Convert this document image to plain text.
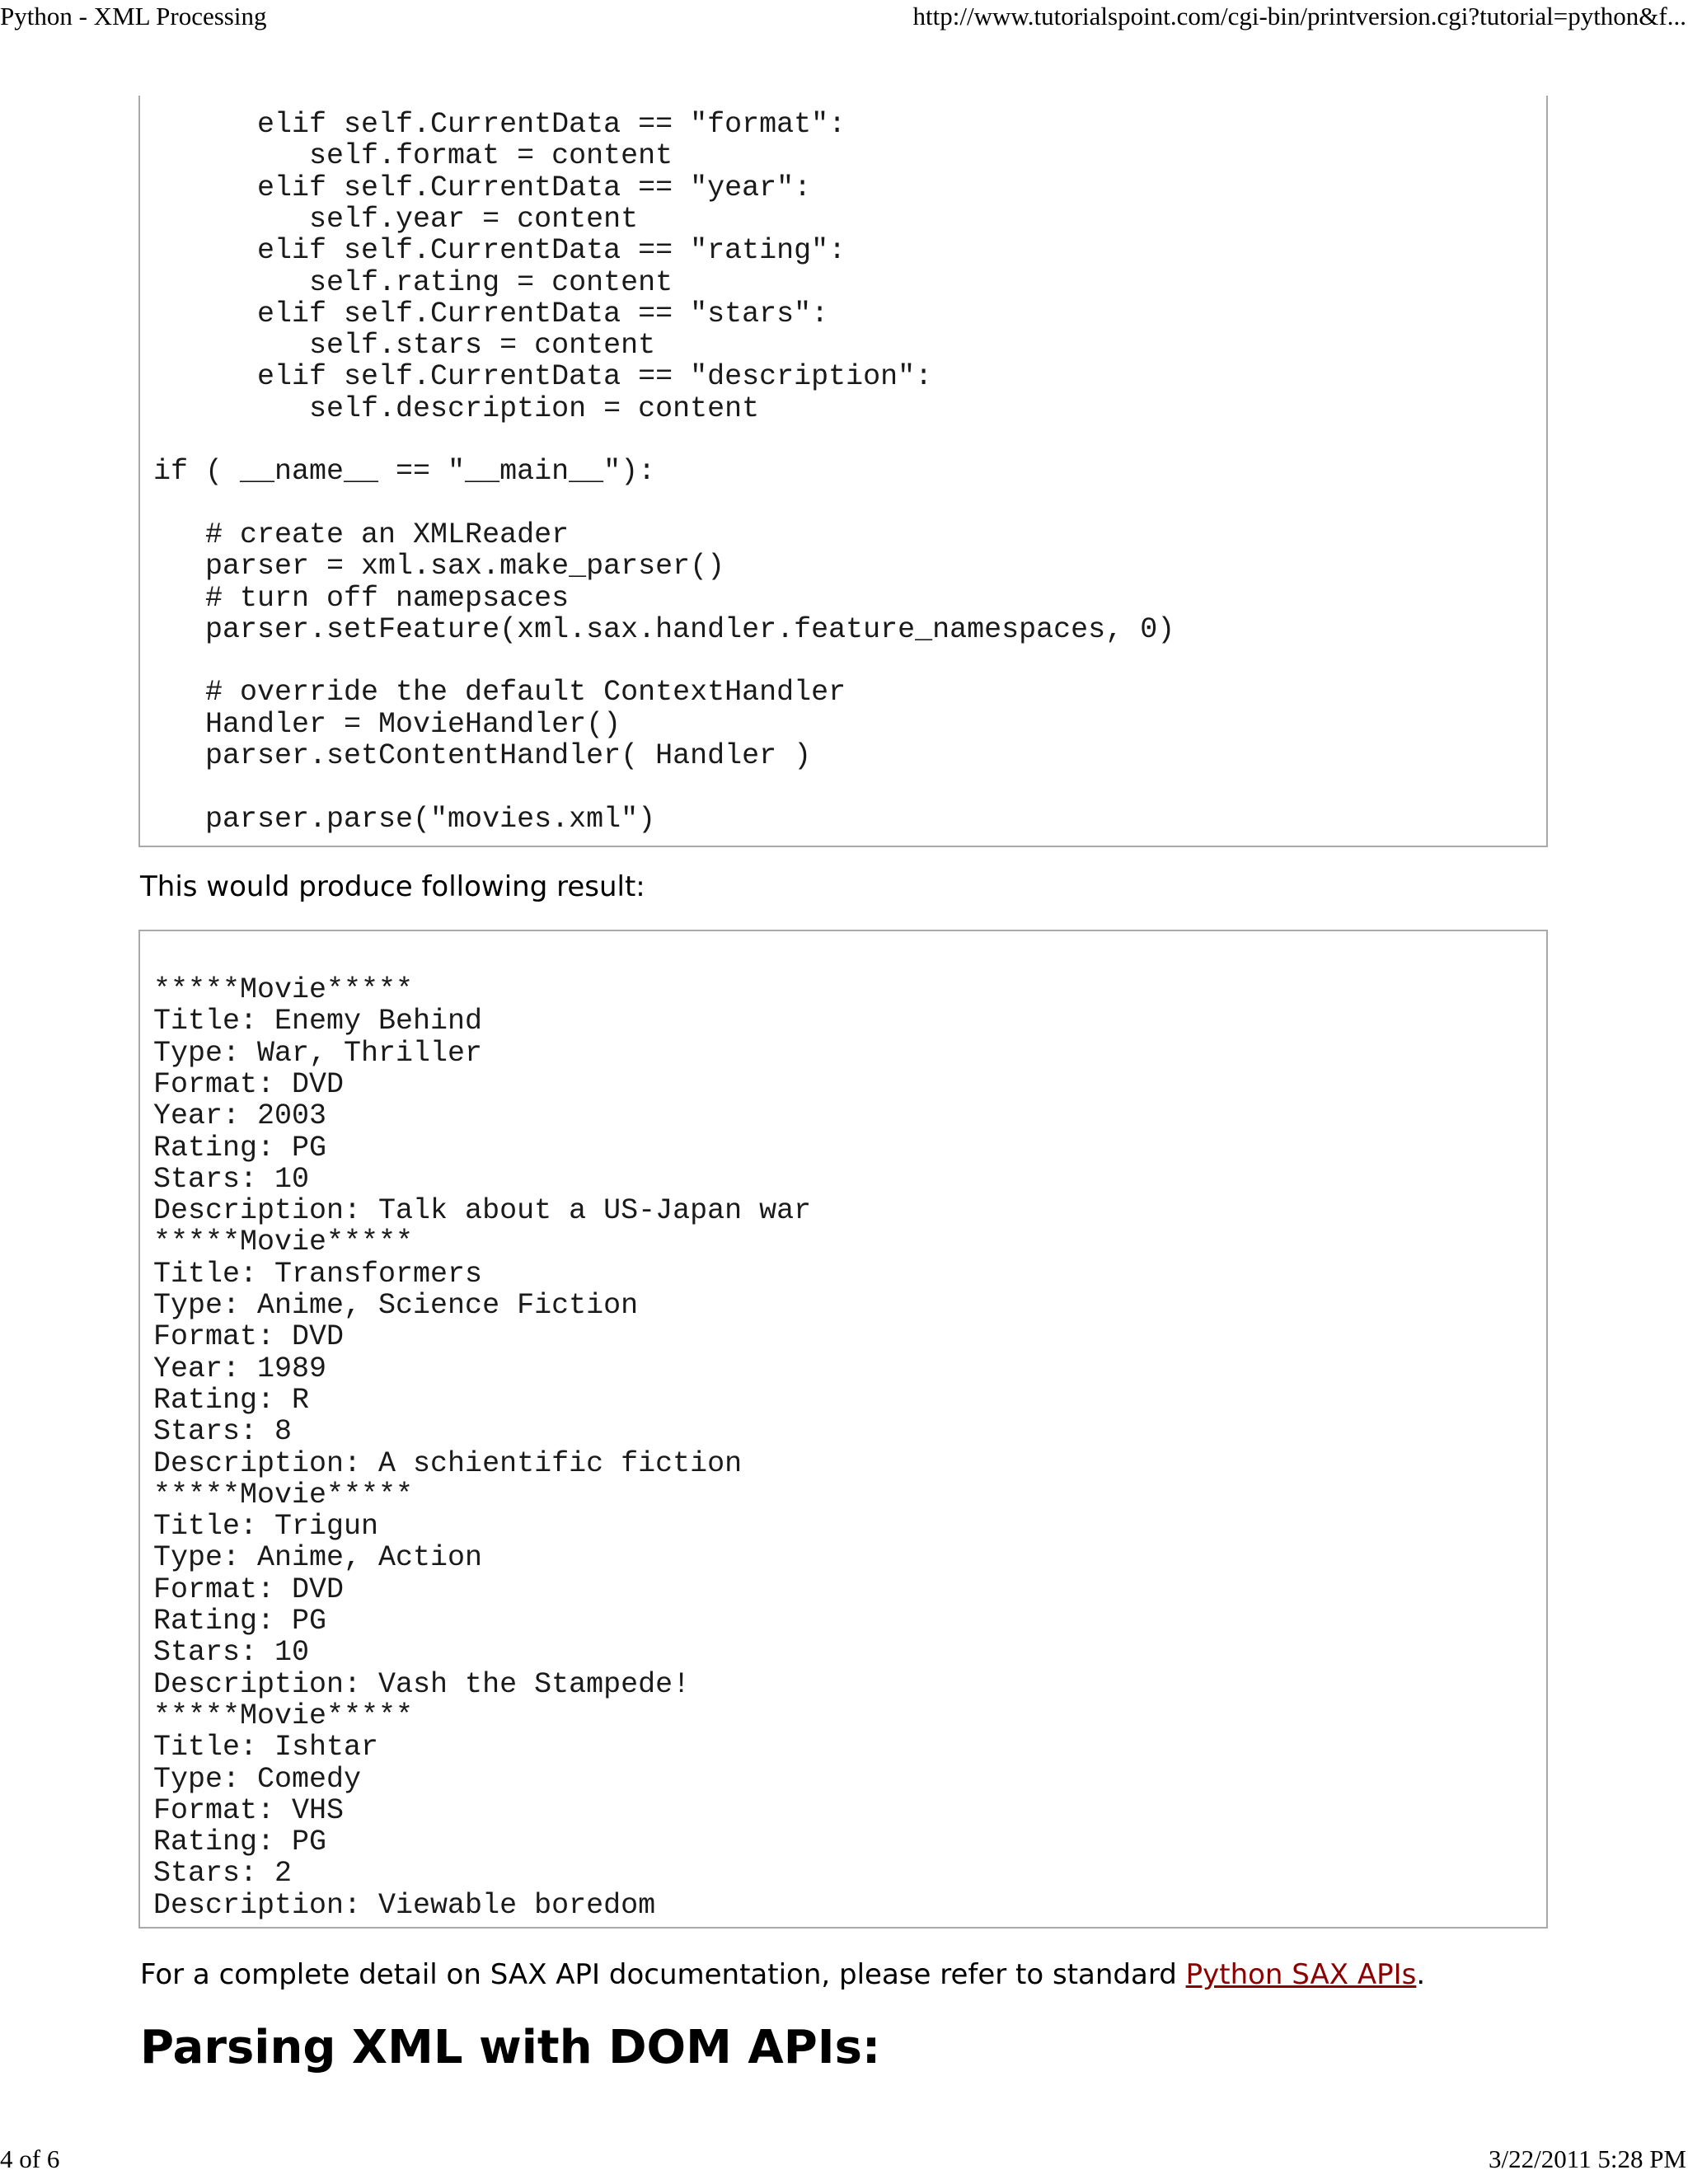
Python - XML Processing	http://www.tutorialspoint.com/cgi-bin/printversion.cgi?tutorial=python&f...
elif self.CurrentData == "format":
self.format = content
elif self.CurrentData == "year":
self.year = content
elif self.CurrentData == "rating":
self.rating = content
elif self.CurrentData == "stars":
self.stars = content
elif self.CurrentData == "description":
self.description = content
if ( __name__ == "__main__"):
# create an XMLReader
parser = xml.sax.make_parser()
# turn off namepsaces
parser.setFeature(xml.sax.handler.feature_namespaces, 0)
# override the default ContextHandler
Handler = MovieHandler()
parser.setContentHandler( Handler )
parser.parse("movies.xml")
This would produce following result:
*****Movie*****
Title: Enemy Behind
Type: War, Thriller
Format: DVD
Year: 2003
Rating: PG
Stars: 10
Description: Talk about a US-Japan war
*****Movie*****
Title: Transformers
Type: Anime, Science Fiction
Format: DVD
Year: 1989
Rating: R
Stars: 8
Description: A schientific fiction
*****Movie*****
Title: Trigun
Type: Anime, Action
Format: DVD
Rating: PG
Stars: 10
Description: Vash the Stampede!
*****Movie*****
Title: Ishtar
Type: Comedy
Format: VHS
Rating: PG
Stars: 2
Description: Viewable boredom
For a complete detail on SAX API documentation, please refer to standard Python SAX APIs.
Parsing XML with DOM APIs:
4 of 6	3/22/2011 5:28 PM
